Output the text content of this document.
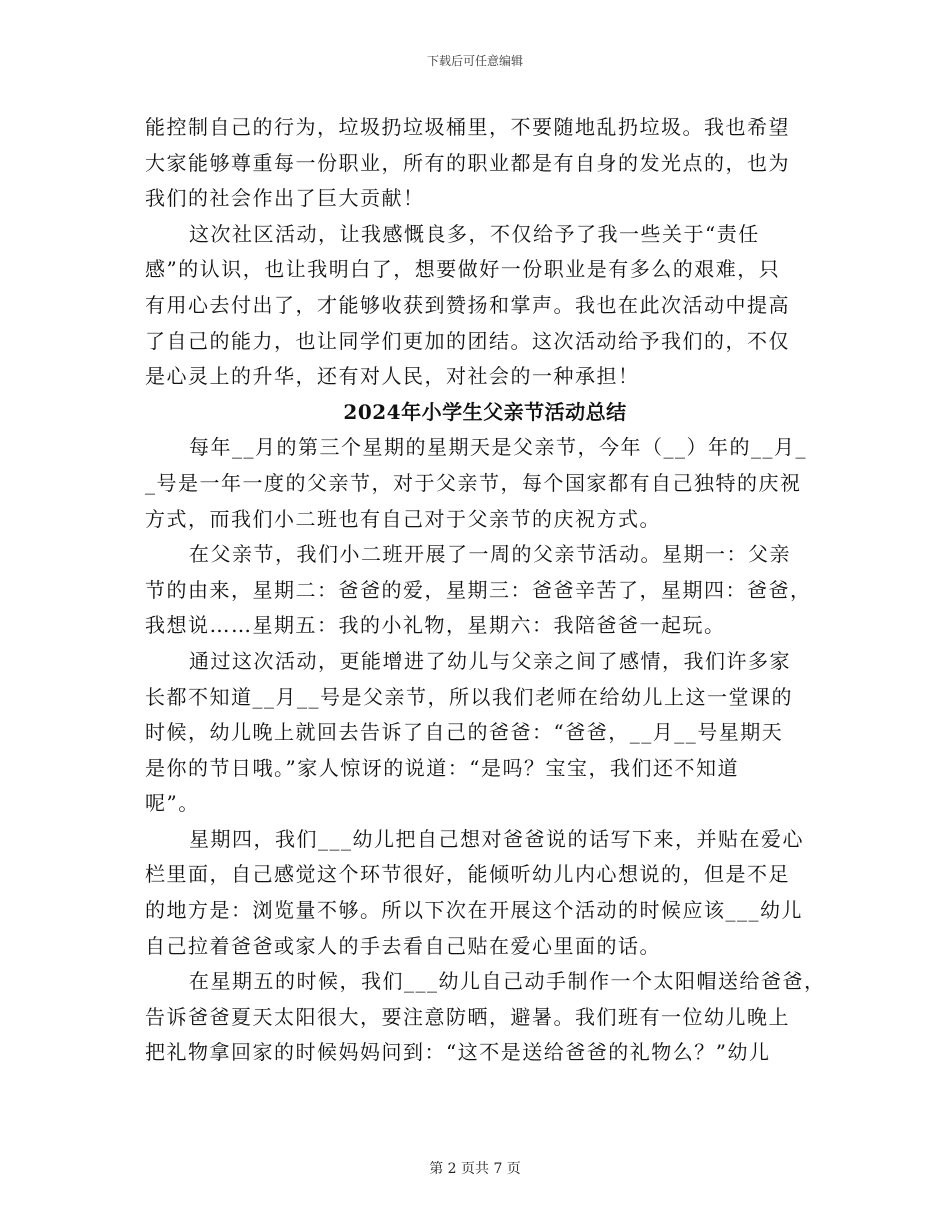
下载后可任意编辑
能控制自己的行为，垃圾扔垃圾桶里，不要随地乱扔垃圾。我也希望
大家能够尊重每一份职业，所有的职业都是有自身的发光点的，也为
我们的社会作出了巨大贡献！
这次社区活动，让我感慨良多，不仅给予了我一些关于“责任
感”的认识，也让我明白了，想要做好一份职业是有多么的艰难，只
有用心去付出了，才能够收获到赞扬和掌声。我也在此次活动中提高
了自己的能力，也让同学们更加的团结。这次活动给予我们的，不仅
是心灵上的升华，还有对人民，对社会的一种承担！
2024年小学生父亲节活动总结
每年__月的第三个星期的星期天是父亲节，今年（__）年的__月_
_号是一年一度的父亲节，对于父亲节，每个国家都有自己独特的庆祝
方式，而我们小二班也有自己对于父亲节的庆祝方式。
在父亲节，我们小二班开展了一周的父亲节活动。星期一：父亲
节的由来，星期二：爸爸的爱，星期三：爸爸辛苦了，星期四：爸爸，
我想说……星期五：我的小礼物，星期六：我陪爸爸一起玩。
通过这次活动，更能增进了幼儿与父亲之间了感情，我们许多家
长都不知道__月__号是父亲节，所以我们老师在给幼儿上这一堂课的
时候，幼儿晚上就回去告诉了自己的爸爸：“爸爸，__月__号星期天
是你的节日哦。”家人惊讶的说道：“是吗？宝宝，我们还不知道
呢”。
星期四，我们___幼儿把自己想对爸爸说的话写下来，并贴在爱心
栏里面，自己感觉这个环节很好，能倾听幼儿内心想说的，但是不足
的地方是：浏览量不够。所以下次在开展这个活动的时候应该___幼儿
自己拉着爸爸或家人的手去看自己贴在爱心里面的话。
在星期五的时候，我们___幼儿自己动手制作一个太阳帽送给爸爸，
告诉爸爸夏天太阳很大，要注意防晒，避暑。我们班有一位幼儿晚上
把礼物拿回家的时候妈妈问到：“这不是送给爸爸的礼物么？”幼儿
第 2 页共 7 页
